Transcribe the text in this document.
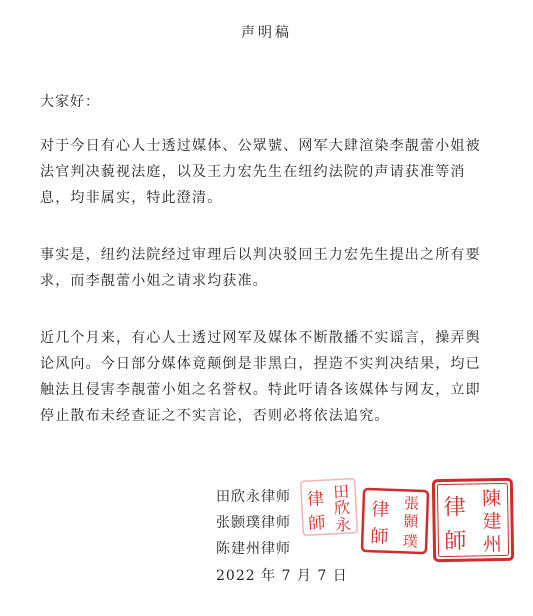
声明稿
大家好：

对于今日有心人士透过媒体、公眾號、网军大肆渲染李靚蕾小姐被法官判决藐视法庭，以及王力宏先生在纽约法院的声请获准等消息，均非属实，特此澄清。

事实是，纽约法院经过审理后以判决驳回王力宏先生提出之所有要求，而李靚蕾小姐之请求均获准。

近几个月来，有心人士透过网军及媒体不断散播不实谣言，操弄舆论风向。今日部分媒体竟颠倒是非黑白，捏造不实判决结果，均已触法且侵害李靚蕾小姐之名誉权。特此吁请各该媒体与网友，立即停止散布未经查证之不实言论，否则必将依法追究。

田欣永律师
张颢璞律师
陈建州律师
2022 年 7 月 7 日
田
欣
永
律
師
張
顥
璞
律
師
陳
建
州
律
師
